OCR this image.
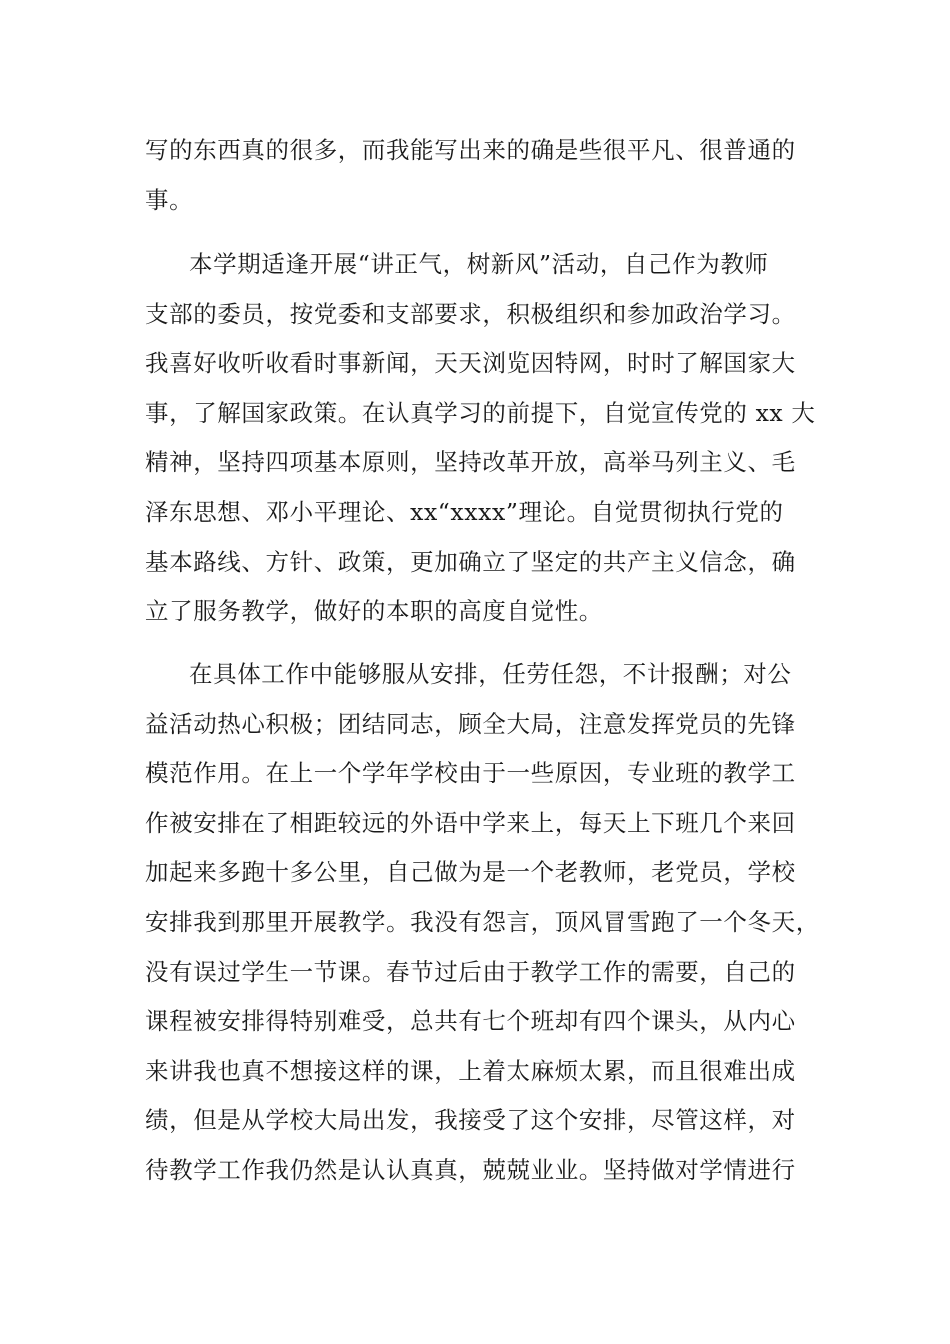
写的东西真的很多，而我能写出来的确是些很平凡、很普通的
事。
本学期适逢开展“讲正气，树新风”活动，自己作为教师
支部的委员，按党委和支部要求，积极组织和参加政治学习。
我喜好收听收看时事新闻，天天浏览因特网，时时了解国家大
事，了解国家政策。在认真学习的前提下，自觉宣传党的 xx 大
精神，坚持四项基本原则，坚持改革开放，高举马列主义、毛
泽东思想、邓小平理论、xx“xxxx”理论。自觉贯彻执行党的
基本路线、方针、政策，更加确立了坚定的共产主义信念，确
立了服务教学，做好的本职的高度自觉性。
在具体工作中能够服从安排，任劳任怨，不计报酬；对公
益活动热心积极；团结同志，顾全大局，注意发挥党员的先锋
模范作用。在上一个学年学校由于一些原因，专业班的教学工
作被安排在了相距较远的外语中学来上，每天上下班几个来回
加起来多跑十多公里，自己做为是一个老教师，老党员，学校
安排我到那里开展教学。我没有怨言，顶风冒雪跑了一个冬天，
没有误过学生一节课。春节过后由于教学工作的需要，自己的
课程被安排得特别难受，总共有七个班却有四个课头，从内心
来讲我也真不想接这样的课，上着太麻烦太累，而且很难出成
绩，但是从学校大局出发，我接受了这个安排，尽管这样，对
待教学工作我仍然是认认真真，兢兢业业。坚持做对学情进行
